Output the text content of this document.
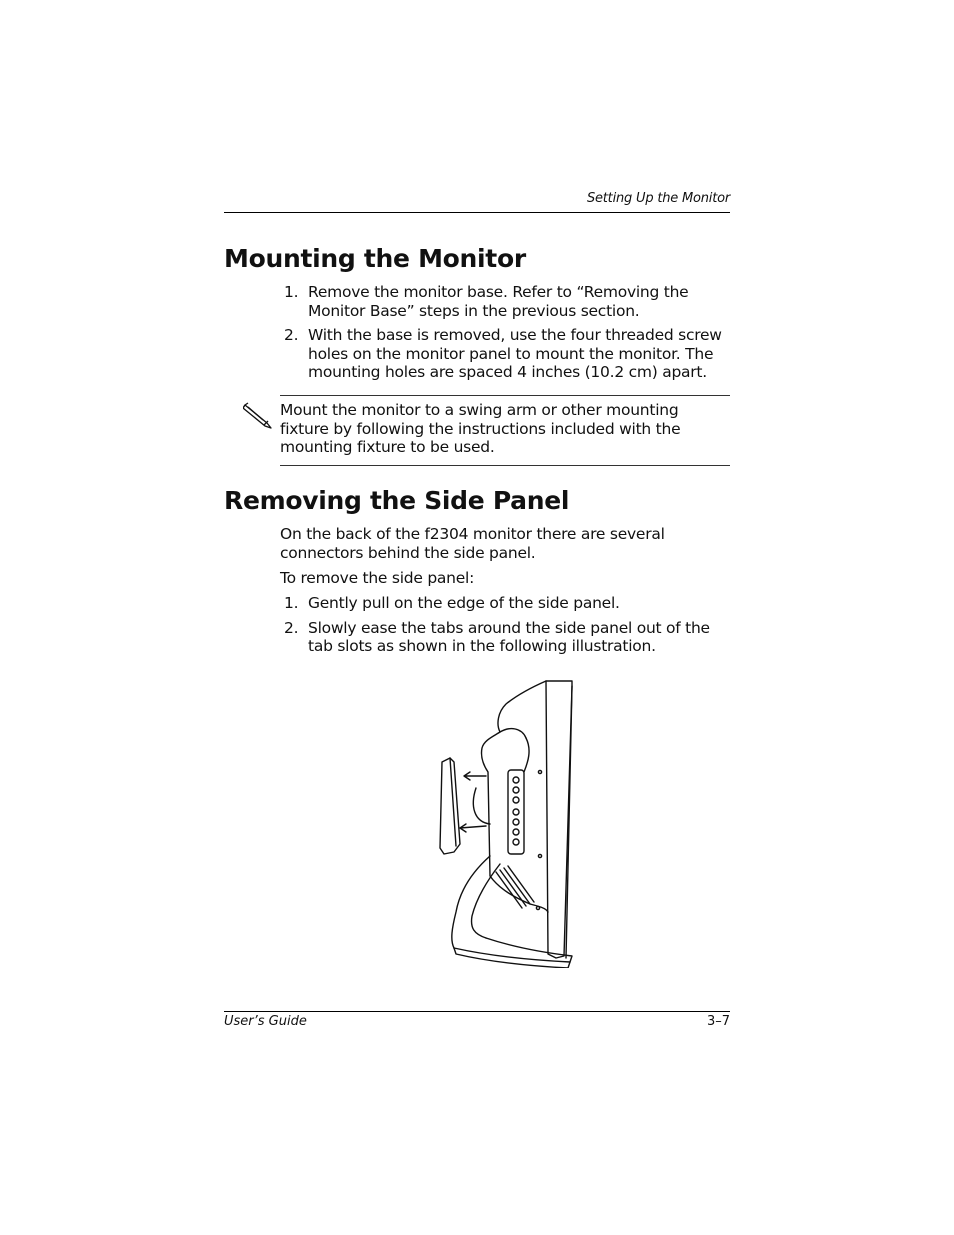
Setting Up the Monitor
Mounting the Monitor
1. Remove the monitor base. Refer to “Removing the Monitor Base” steps in the previous section.
2. With the base is removed, use the four threaded screw holes on the monitor panel to mount the monitor. The mounting holes are spaced 4 inches (10.2 cm) apart.

Mount the monitor to a swing arm or other mounting fixture by following the instructions included with the mounting fixture to be used.

Removing the Side Panel

On the back of the f2304 monitor there are several connectors behind the side panel.

To remove the side panel:

1. Gently pull on the edge of the side panel.
2. Slowly ease the tabs around the side panel out of the tab slots as shown in the following illustration.
User’s Guide	3–7
